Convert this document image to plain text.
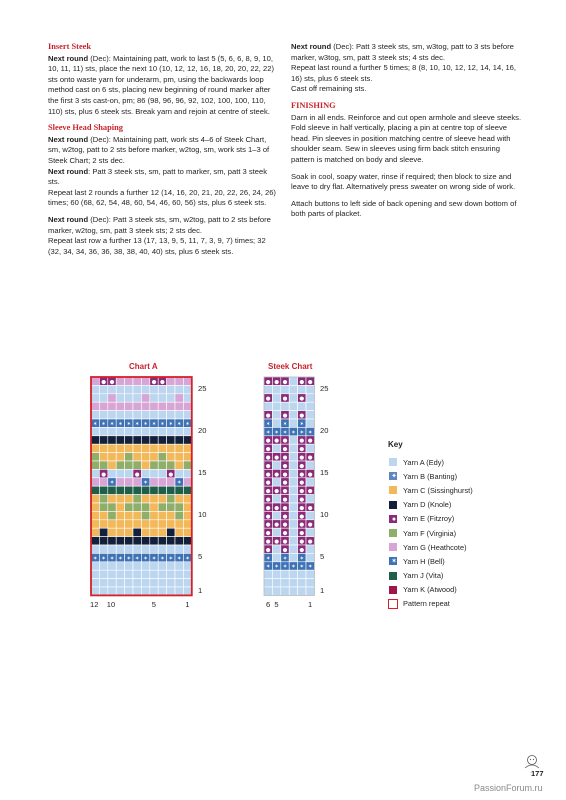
Insert Steek

Next round (Dec): Maintaining patt, work to last 5 (5, 6, 6, 8, 9, 10, 10, 11, 11) sts, place the next 10 (10, 12, 12, 16, 18, 20, 20, 22, 22) sts onto waste yarn for underarm, pm, using the backwards loop method cast on 6 sts, placing new beginning of round marker after the first 3 sts cast-on, pm; 86 (98, 96, 96, 92, 102, 100, 100, 110, 110) sts, plus 6 steek sts. Break yarn and rejoin at centre of steek.

Sleeve Head Shaping

Next round (Dec): Maintaining patt, work sts 4–6 of Steek Chart, sm, w2tog, patt to 2 sts before marker, w2tog, sm, work sts 1–3 of Steek Chart; 2 sts dec.

Next round: Patt 3 steek sts, sm, patt to marker, sm, patt 3 steek sts.

Repeat last 2 rounds a further 12 (14, 16, 20, 21, 20, 22, 26, 24, 26) times; 60 (68, 62, 54, 48, 60, 54, 46, 60, 56) sts, plus 6 steek sts.

Next round (Dec): Patt 3 steek sts, sm, w2tog, patt to 2 sts before marker, w2tog, sm, patt 3 steek sts; 2 sts dec.

Repeat last row a further 13 (17, 13, 9, 5, 11, 7, 3, 9, 7) times; 32 (32, 34, 34, 36, 36, 38, 38, 40, 40) sts, plus 6 steek sts.

Next round (Dec): Patt 3 steek sts, sm, w3tog, patt to 3 sts before marker, w3tog, sm, patt 3 steek sts; 4 sts dec.

Repeat last round a further 5 times; 8 (8, 10, 10, 12, 12, 14, 14, 16, 16) sts, plus 6 steek sts.

Cast off remaining sts.

FINISHING

Darn in all ends. Reinforce and cut open armhole and sleeve steeks. Fold sleeve in half vertically, placing a pin at centre top of sleeve head. Pin sleeves in position matching centre of sleeve head with shoulder seam. Sew in sleeves using firm back stitch ensuring pattern is matched on body and sleeve.

Soak in cool, soapy water, rinse if required; then block to size and leave to dry flat. Alternatively press sweater on wrong side of work.

Attach buttons to left side of back opening and sew down bottom of both parts of placket.

Chart A
● ●	● ●
✶ ✶ ✶ ✶ ✶ ✶ ✶ ✶ ✶ ✶ ✶ ✶
●	●	●
✶	✶	✶
✶ ✶ ✶ ✶ ✶ ✶ ✶ ✶ ✶ ✶ ✶ ✶
25
20
15
10
5
1
12 10	5	1
Steek Chart
● ● ● ● ●
● ● ●
● ● ●
✶ ✶ ✶
✶ ✶ ✶ ✶ ✶ ✶
● ● ● ● ●
● ● ●
● ● ● ● ●
● ● ●
● ● ● ● ●
● ● ●
● ● ● ● ●
● ● ●
● ● ● ● ●
● ● ●
● ● ● ● ●
● ● ●
● ● ● ● ●
● ● ●
✶ ✶ ✶
✶ ✶ ✶ ✶ ✶ ✶
25
20
15
10
5
1
6 5	1
Key
Yarn A (Edy)
✦ Yarn B (Banting)
Yarn C (Sissinghurst)
Yarn D (Knole)
● Yarn E (Fitzroy)
Yarn F (Virginia)
Yarn G (Heathcote)
✶ Yarn H (Bell)
Yarn J (Vita)
Yarn K (Atwood)
Pattern repeat
177
PassionForum.ru
